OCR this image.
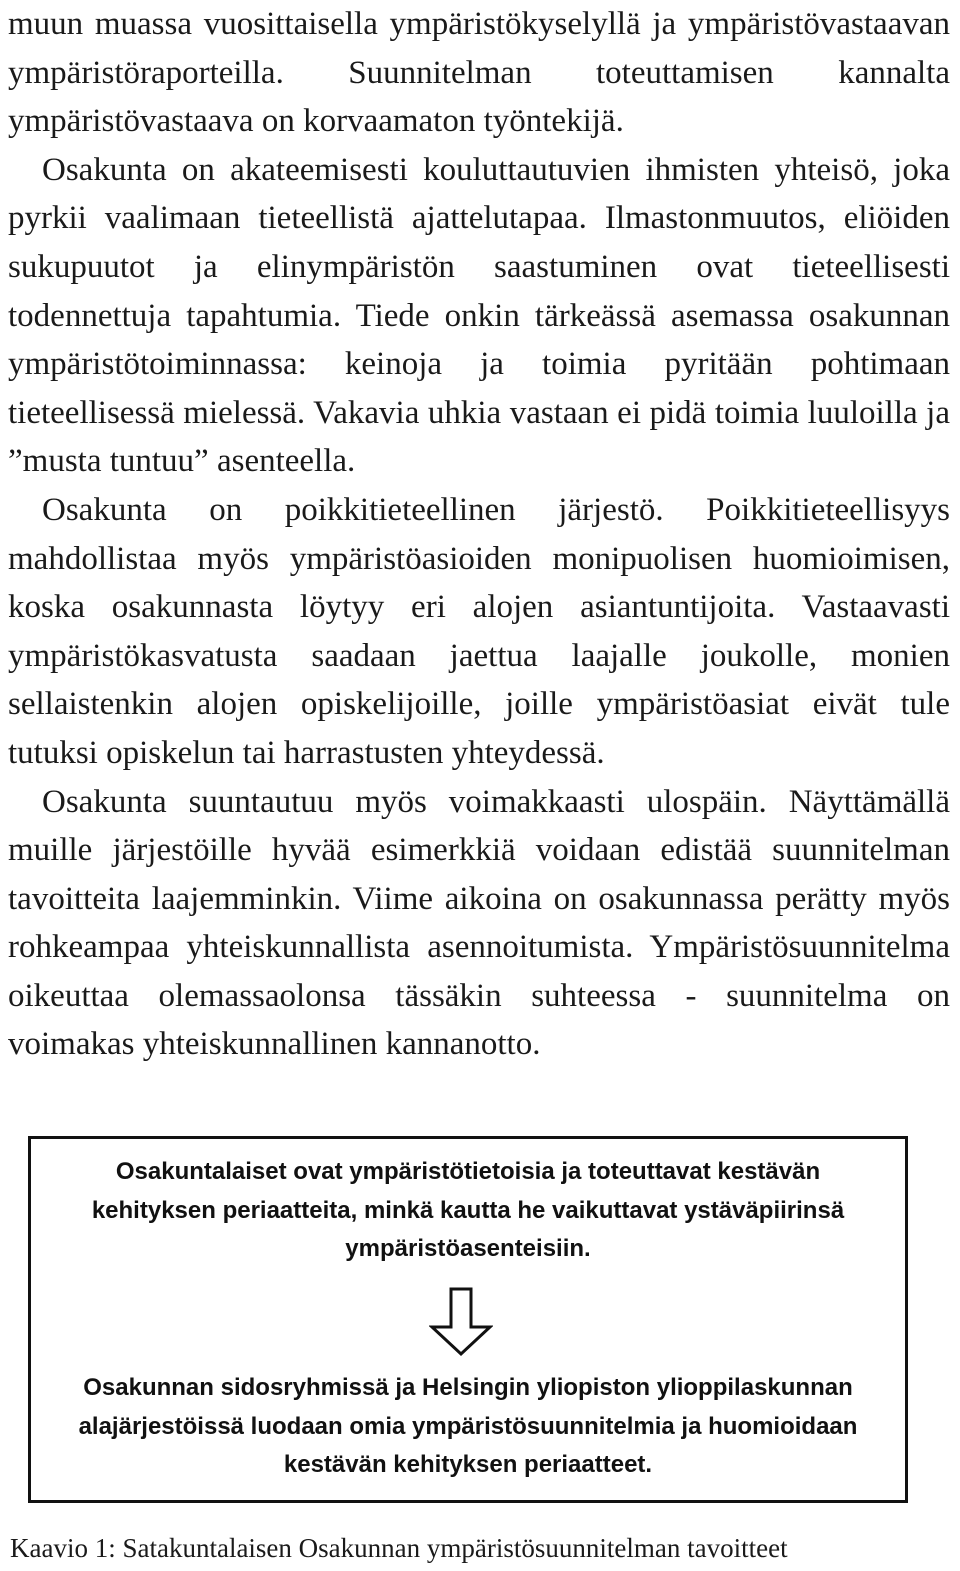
muun muassa vuosittaisella ympäristökyselyllä ja ympäristövastaavan ympäristöraporteilla. Suunnitelman toteuttamisen kannalta ympäristövastaava on korvaamaton työntekijä.

Osakunta on akateemisesti kouluttautuvien ihmisten yhteisö, joka pyrkii vaalimaan tieteellistä ajattelutapaa. Ilmastonmuutos, eliöiden sukupuutot ja elinympäristön saastuminen ovat tieteellisesti todennettuja tapahtumia. Tiede onkin tärkeässä asemassa osakunnan ympäristötoiminnassa: keinoja ja toimia pyritään pohtimaan tieteellisessä mielessä. Vakavia uhkia vastaan ei pidä toimia luuloilla ja ”musta tuntuu” asenteella.

Osakunta on poikkitieteellinen järjestö. Poikkitieteellisyys mahdollistaa myös ympäristöasioiden monipuolisen huomioimisen, koska osakunnasta löytyy eri alojen asiantuntijoita. Vastaavasti ympäristökasvatusta saadaan jaettua laajalle joukolle, monien sellaistenkin alojen opiskelijoille, joille ympäristöasiat eivät tule tutuksi opiskelun tai harrastusten yhteydessä.

Osakunta suuntautuu myös voimakkaasti ulospäin. Näyttämällä muille järjestöille hyvää esimerkkiä voidaan edistää suunnitelman tavoitteita laajemminkin. Viime aikoina on osakunnassa perätty myös rohkeampaa yhteiskunnallista asennoitumista. Ympäristösuunnitelma oikeuttaa olemassaolonsa tässäkin suhteessa - suunnitelma on voimakas yhteiskunnallinen kannanotto.

Osakuntalaiset ovat ympäristötietoisia ja toteuttavat kestävän kehityksen periaatteita, minkä kautta he vaikuttavat ystäväpiirinsä ympäristöasenteisiin.
Osakunnan sidosryhmissä ja Helsingin yliopiston ylioppilaskunnan alajärjestöissä luodaan omia ympäristösuunnitelmia ja huomioidaan kestävän kehityksen periaatteet.
Kaavio 1: Satakuntalaisen Osakunnan ympäristösuunnitelman tavoitteet
